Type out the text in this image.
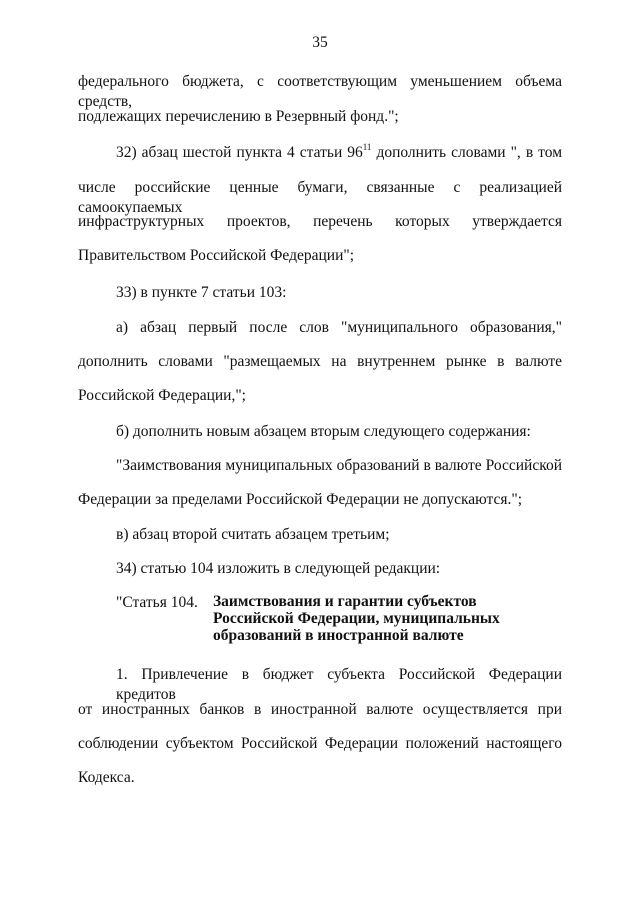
35
федерального бюджета, с соответствующим уменьшением объема средств,
подлежащих перечислению в Резервный фонд.";
32) абзац шестой пункта 4 статьи $96^{11}$ дополнить словами ", в том
числе российские ценные бумаги, связанные с реализацией самоокупаемых
инфраструктурных проектов, перечень которых утверждается
Правительством Российской Федерации";
33) в пункте 7 статьи 103:
а) абзац первый после слов "муниципального образования,"
дополнить словами "размещаемых на внутреннем рынке в валюте
Российской Федерации,";
б) дополнить новым абзацем вторым следующего содержания:
"Заимствования муниципальных образований в валюте Российской
Федерации за пределами Российской Федерации не допускаются.";
в) абзац второй считать абзацем третьим;
34) статью 104 изложить в следующей редакции:
"Статья 104. Заимствования и гарантии субъектов
Российской Федерации, муниципальных
образований в иностранной валюте
1. Привлечение в бюджет субъекта Российской Федерации кредитов
от иностранных банков в иностранной валюте осуществляется при
соблюдении субъектом Российской Федерации положений настоящего
Кодекса.
